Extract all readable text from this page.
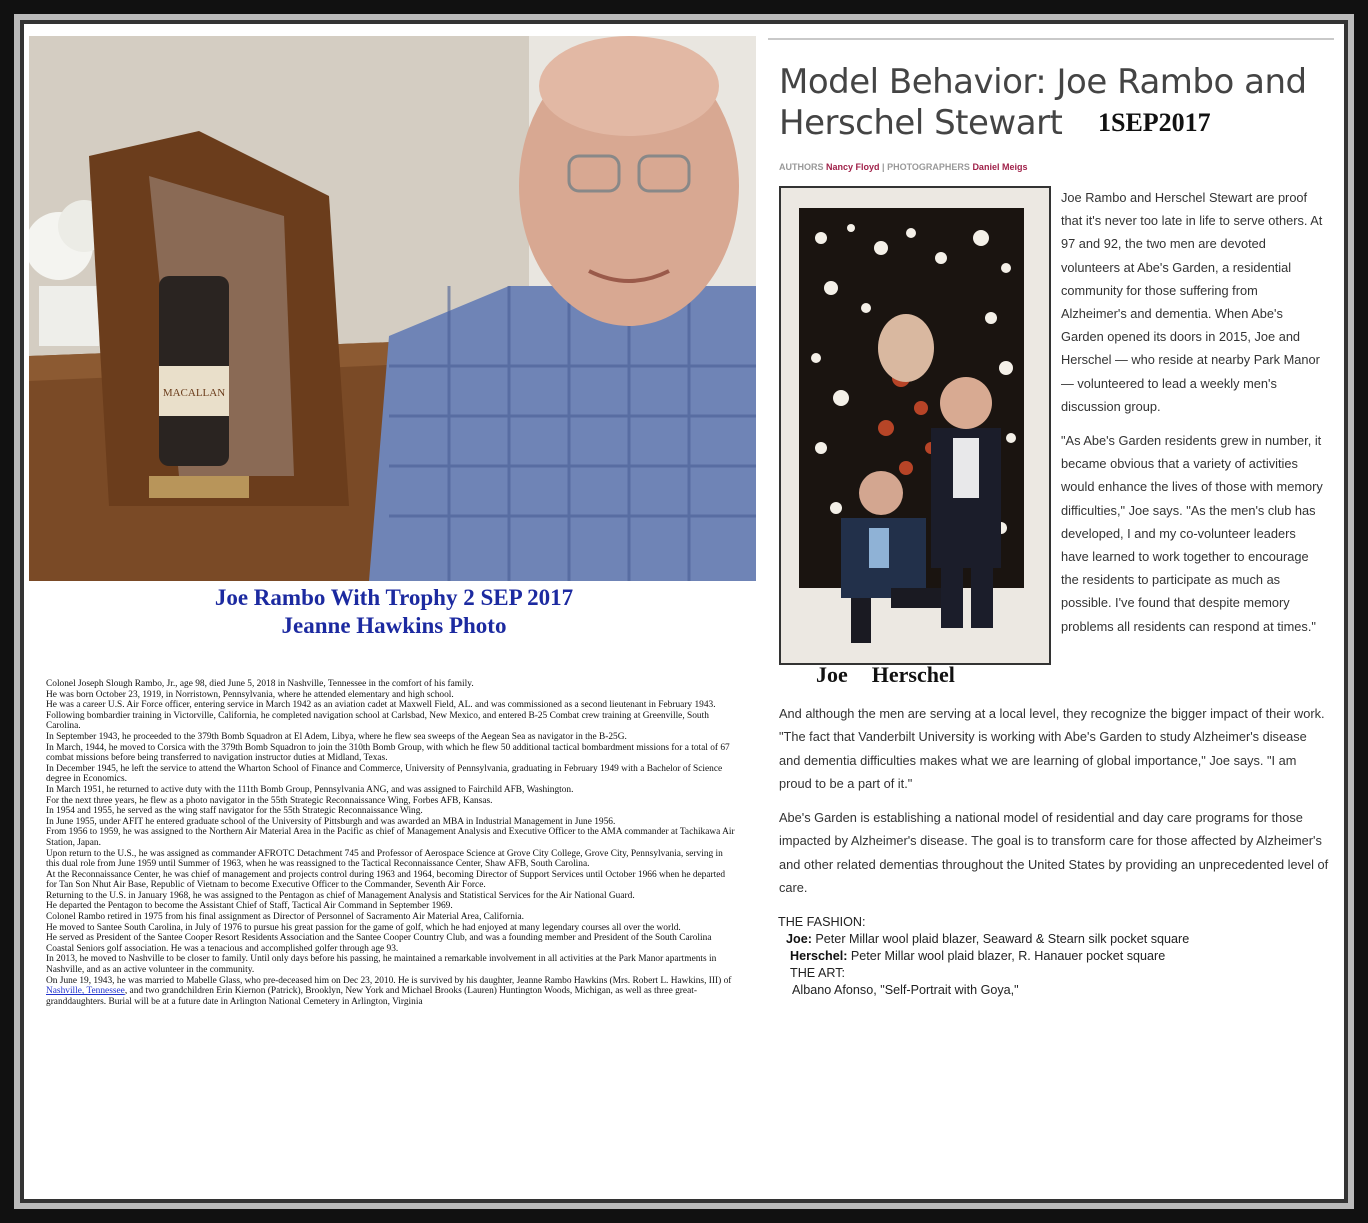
MACALLAN
Joe Rambo With Trophy 2 SEP 2017
Jeanne Hawkins Photo

Colonel Joseph Slough Rambo, Jr., age 98, died June 5, 2018 in Nashville, Tennessee in the comfort of his family.

He was born October 23, 1919, in Norristown, Pennsylvania, where he attended elementary and high school.

He was a career U.S. Air Force officer, entering service in March 1942 as an aviation cadet at Maxwell Field, AL. and was commissioned as a second lieutenant in February 1943. Following bombardier training in Victorville, California, he completed navigation school at Carlsbad, New Mexico, and entered B-25 Combat crew training at Greenville, South Carolina.

In September 1943, he proceeded to the 379th Bomb Squadron at El Adem, Libya, where he flew sea sweeps of the Aegean Sea as navigator in the B-25G.

In March, 1944, he moved to Corsica with the 379th Bomb Squadron to join the 310th Bomb Group, with which he flew 50 additional tactical bombardment missions for a total of 67 combat missions before being transferred to navigation instructor duties at Midland, Texas.

In December 1945, he left the service to attend the Wharton School of Finance and Commerce, University of Pennsylvania, graduating in February 1949 with a Bachelor of Science degree in Economics.

In March 1951, he returned to active duty with the 111th Bomb Group, Pennsylvania ANG, and was assigned to Fairchild AFB, Washington.

For the next three years, he flew as a photo navigator in the 55th Strategic Reconnaissance Wing, Forbes AFB, Kansas.

In 1954 and 1955, he served as the wing staff navigator for the 55th Strategic Reconnaissance Wing.

In June 1955, under AFIT he entered graduate school of the University of Pittsburgh and was awarded an MBA in Industrial Management in June 1956.

From 1956 to 1959, he was assigned to the Northern Air Material Area in the Pacific as chief of Management Analysis and Executive Officer to the AMA commander at Tachikawa Air Station, Japan.

Upon return to the U.S., he was assigned as commander AFROTC Detachment 745 and Professor of Aerospace Science at Grove City College, Grove City, Pennsylvania, serving in this dual role from June 1959 until Summer of 1963, when he was reassigned to the Tactical Reconnaissance Center, Shaw AFB, South Carolina.

At the Reconnaissance Center, he was chief of management and projects control during 1963 and 1964, becoming Director of Support Services until October 1966 when he departed for Tan Son Nhut Air Base, Republic of Vietnam to become Executive Officer to the Commander, Seventh Air Force.

Returning to the U.S. in January 1968, he was assigned to the Pentagon as chief of Management Analysis and Statistical Services for the Air National Guard.

He departed the Pentagon to become the Assistant Chief of Staff, Tactical Air Command in September 1969.

Colonel Rambo retired in 1975 from his final assignment as Director of Personnel of Sacramento Air Material Area, California.

He moved to Santee South Carolina, in July of 1976 to pursue his great passion for the game of golf, which he had enjoyed at many legendary courses all over the world.

He served as President of the Santee Cooper Resort Residents Association and the Santee Cooper Country Club, and was a founding member and President of the South Carolina Coastal Seniors golf association. He was a tenacious and accomplished golfer through age 93.

In 2013, he moved to Nashville to be closer to family. Until only days before his passing, he maintained a remarkable involvement in all activities at the Park Manor apartments in Nashville, and as an active volunteer in the community.

On June 19, 1943, he was married to Mabelle Glass, who pre-deceased him on Dec 23, 2010. He is survived by his daughter, Jeanne Rambo Hawkins (Mrs. Robert L. Hawkins, III) of Nashville, Tennessee, and two grandchildren Erin Kiernon (Patrick), Brooklyn, New York and Michael Brooks (Lauren) Huntington Woods, Michigan, as well as three great-granddaughters. Burial will be at a future date in Arlington National Cemetery in Arlington, Virginia

Model Behavior: Joe Rambo and Herschel Stewart	1SEP2017
AUTHORS Nancy Floyd | PHOTOGRAPHERS Daniel Meigs
Joe Herschel

Joe Rambo and Herschel Stewart are proof that it's never too late in life to serve others. At 97 and 92, the two men are devoted volunteers at Abe's Garden, a residential community for those suffering from Alzheimer's and dementia. When Abe's Garden opened its doors in 2015, Joe and Herschel — who reside at nearby Park Manor — volunteered to lead a weekly men's discussion group.

"As Abe's Garden residents grew in number, it became obvious that a variety of activities would enhance the lives of those with memory difficulties," Joe says. "As the men's club has developed, I and my co-volunteer leaders have learned to work together to encourage the residents to participate as much as possible. I've found that despite memory problems all residents can respond at times."

And although the men are serving at a local level, they recognize the bigger impact of their work. "The fact that Vanderbilt University is working with Abe's Garden to study Alzheimer's disease and dementia difficulties makes what we are learning of global importance," Joe says. "I am proud to be a part of it."

Abe's Garden is establishing a national model of residential and day care programs for those impacted by Alzheimer's disease. The goal is to transform care for those affected by Alzheimer's and other related dementias throughout the United States by providing an unprecedented level of care.

THE FASHION:
Joe: Peter Millar wool plaid blazer, Seaward & Stearn silk pocket square
Herschel: Peter Millar wool plaid blazer, R. Hanauer pocket square
THE ART:
Albano Afonso, "Self-Portrait with Goya,"
